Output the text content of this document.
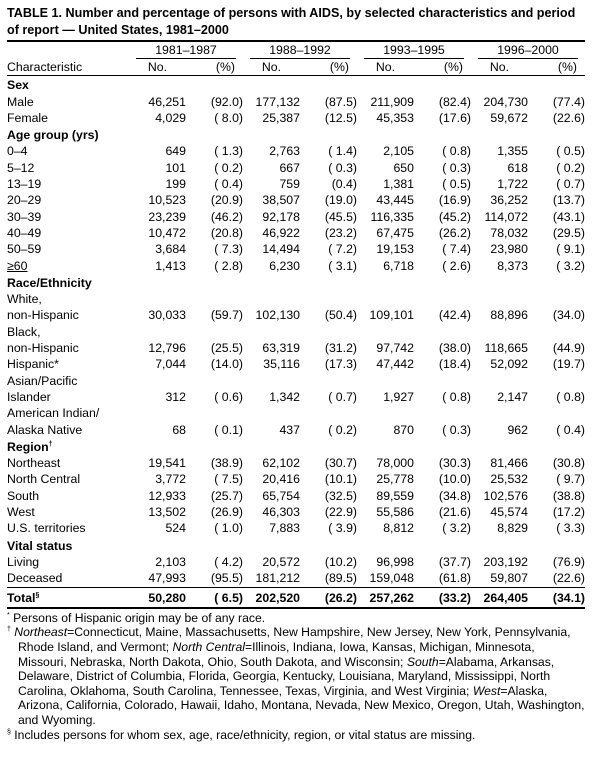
TABLE 1. Number and percentage of persons with AIDS, by selected characteristics and period of report — United States, 1981–2000
	1981–1987		1988–1992		1993–1995		1996–2000	
Characteristic	No.	(%)	No.	(%)	No.	(%)	No.	(%)
Sex								
Male	46,251	(92.0)	177,132	(87.5)	211,909	(82.4)	204,730	(77.4)
Female	4,029	( 8.0)	25,387	(12.5)	45,353	(17.6)	59,672	(22.6)
Age group (yrs)								
0–4	649	( 1.3)	2,763	( 1.4)	2,105	( 0.8)	1,355	( 0.5)
5–12	101	( 0.2)	667	( 0.3)	650	( 0.3)	618	( 0.2)
13–19	199	( 0.4)	759	(0.4)	1,381	( 0.5)	1,722	( 0.7)
20–29	10,523	(20.9)	38,507	(19.0)	43,445	(16.9)	36,252	(13.7)
30–39	23,239	(46.2)	92,178	(45.5)	116,335	(45.2)	114,072	(43.1)
40–49	10,472	(20.8)	46,922	(23.2)	67,475	(26.2)	78,032	(29.5)
50–59	3,684	( 7.3)	14,494	( 7.2)	19,153	( 7.4)	23,980	( 9.1)
≥60	1,413	( 2.8)	6,230	( 3.1)	6,718	( 2.6)	8,373	( 3.2)
Race/Ethnicity								
White,								
non-Hispanic	30,033	(59.7)	102,130	(50.4)	109,101	(42.4)	88,896	(34.0)
Black,								
non-Hispanic	12,796	(25.5)	63,319	(31.2)	97,742	(38.0)	118,665	(44.9)
Hispanic*	7,044	(14.0)	35,116	(17.3)	47,442	(18.4)	52,092	(19.7)
Asian/Pacific								
Islander	312	( 0.6)	1,342	( 0.7)	1,927	( 0.8)	2,147	( 0.8)
American Indian/								
Alaska Native	68	( 0.1)	437	( 0.2)	870	( 0.3)	962	( 0.4)
Region†
Northeast	19,541	(38.9)	62,102	(30.7)	78,000	(30.3)	81,466	(30.8)
North Central	3,772	( 7.5)	20,416	(10.1)	25,778	(10.0)	25,532	( 9.7)
South	12,933	(25.7)	65,754	(32.5)	89,559	(34.8)	102,576	(38.8)
West	13,502	(26.9)	46,303	(22.9)	55,586	(21.6)	45,574	(17.2)
U.S. territories	524	( 1.0)	7,883	( 3.9)	8,812	( 3.2)	8,829	( 3.3)
Vital status								
Living	2,103	( 4.2)	20,572	(10.2)	96,998	(37.7)	203,192	(76.9)
Deceased	47,993	(95.5)	181,212	(89.5)	159,048	(61.8)	59,807	(22.6)
Total§	50,280	( 6.5)	202,520	(26.2)	257,262	(33.2)	264,405	(34.1)

* Persons of Hispanic origin may be of any race.

† Northeast=Connecticut, Maine, Massachusetts, New Hampshire, New Jersey, New York, Pennsylvania, Rhode Island, and Vermont; North Central=Illinois, Indiana, Iowa, Kansas, Michigan, Minnesota, Missouri, Nebraska, North Dakota, Ohio, South Dakota, and Wisconsin; South=Alabama, Arkansas, Delaware, District of Columbia, Florida, Georgia, Kentucky, Louisiana, Maryland, Mississippi, North Carolina, Oklahoma, South Carolina, Tennessee, Texas, Virginia, and West Virginia; West=Alaska, Arizona, California, Colorado, Hawaii, Idaho, Montana, Nevada, New Mexico, Oregon, Utah, Washington, and Wyoming.

§ Includes persons for whom sex, age, race/ethnicity, region, or vital status are missing.
